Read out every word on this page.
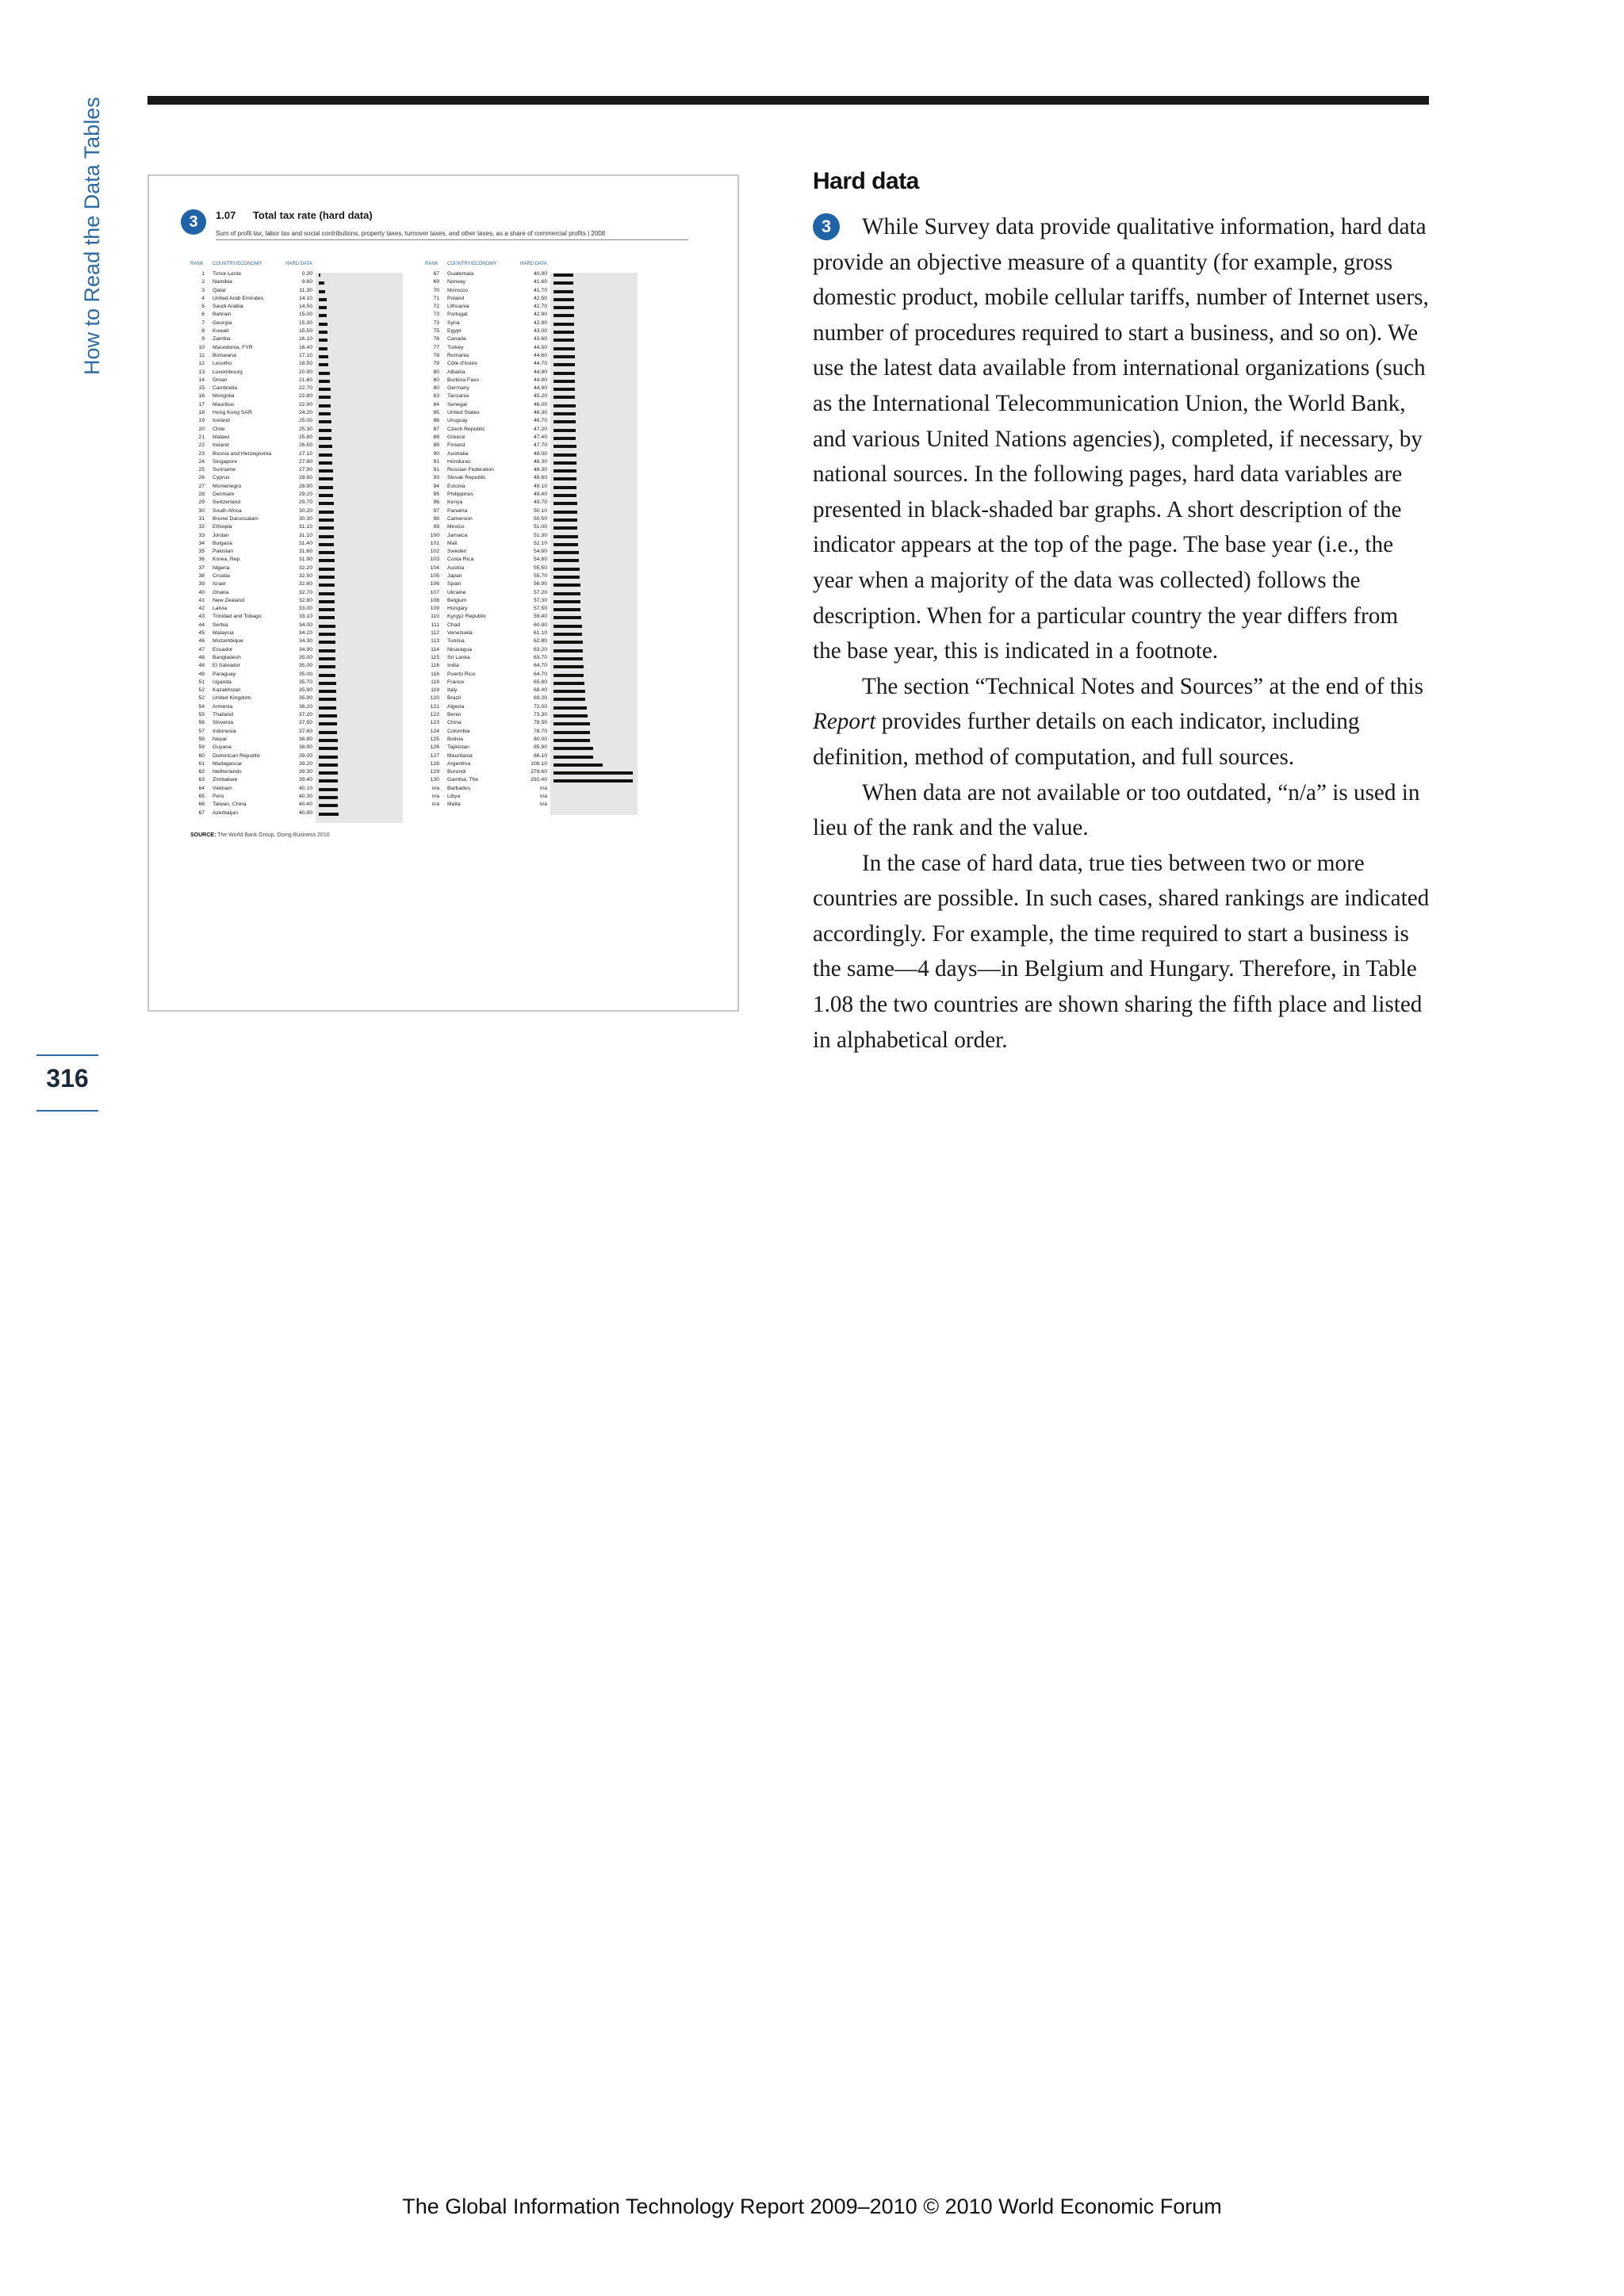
How to Read the Data Tables
316
3	1.07 Total tax rate (hard data)
Sum of profit tax, labor tax and social contributions, property taxes, turnover taxes, and other taxes, as a share of commercial profits | 2008
RANK COUNTRY/ECONOMY	HARD DATA
1 Timor-Leste	0.20
2 Namibia	9.60
3 Qatar	11.30
4 United Arab Emirates	14.10
5 Saudi Arabia	14.50
6 Bahrain	15.00
7 Georgia	15.30
8 Kuwait	15.50
9 Zambia	16.10
10 Macedonia, FYR	16.40
11 Botswana	17.10
12 Lesotho	18.50
13 Luxembourg	20.90
14 Oman	21.60
15 Cambodia	22.70
16 Mongolia	22.80
17 Mauritius	22.90
18 Hong Kong SAR	24.20
19 Iceland	25.00
20 Chile	25.30
21 Malawi	25.80
22 Ireland	26.50
23 Bosnia and Herzegovina	27.10
24 Singapore	27.80
25 Suriname	27.90
26 Cyprus	28.80
27 Montenegro	28.90
28 Denmark	29.20
29 Switzerland	29.70
30 South Africa	30.20
31 Brunei Darussalam	30.30
32 Ethiopia	31.10
33 Jordan	31.10
34 Bulgaria	31.40
35 Pakistan	31.60
36 Korea, Rep.	31.90
37 Nigeria	32.20
38 Croatia	32.50
39 Israel	32.60
40 Ghana	32.70
41 New Zealand	32.80
42 Latvia	33.00
43 Trinidad and Tobago	33.10
44 Serbia	34.00
45 Malaysia	34.20
46 Mozambique	34.30
47 Ecuador	34.90
48 Bangladesh	35.00
48 El Salvador	35.00
48 Paraguay	35.00
51 Uganda	35.70
52 Kazakhstan	35.90
52 United Kingdom	35.90
54 Armenia	36.20
55 Thailand	37.20
56 Slovenia	37.50
57 Indonesia	37.60
58 Nepal	38.80
59 Guyana	38.90
60 Dominican Republic	39.00
61 Madagascar	39.20
62 Netherlands	39.30
63 Zimbabwe	39.40
64 Vietnam	40.10
65 Peru	40.30
66 Taiwan, China	40.40
67 Azerbaijan	40.90
RANK COUNTRY/ECONOMY	HARD DATA
67 Guatemala	40.90
69 Norway	41.60
70 Morocco	41.70
71 Poland	42.50
72 Lithuania	42.70
73 Portugal	42.90
73 Syria	42.90
75 Egypt	43.00
76 Canada	43.60
77 Turkey	44.50
78 Romania	44.60
79 Côte d'Ivoire	44.70
80 Albania	44.90
80 Burkina Faso	44.90
80 Germany	44.90
83 Tanzania	45.20
84 Senegal	46.00
85 United States	46.30
86 Uruguay	46.70
87 Czech Republic	47.20
88 Greece	47.40
89 Finland	47.70
90 Australia	48.00
91 Honduras	48.30
91 Russian Federation	48.30
93 Slovak Republic	48.60
94 Estonia	49.10
95 Philippines	49.40
96 Kenya	49.70
97 Panama	50.10
98 Cameroon	50.50
99 Mexico	51.00
100 Jamaica	51.30
101 Mali	52.10
102 Sweden	54.60
103 Costa Rica	54.80
104 Austria	55.50
105 Japan	55.70
106 Spain	56.90
107 Ukraine	57.20
108 Belgium	57.30
109 Hungary	57.50
110 Kyrgyz Republic	59.40
111 Chad	60.90
112 Venezuela	61.10
113 Tunisia	62.80
114 Nicaragua	63.20
115 Sri Lanka	63.70
116 India	64.70
116 Puerto Rico	64.70
118 France	65.80
119 Italy	68.40
120 Brazil	69.20
121 Algeria	72.00
122 Benin	73.30
123 China	78.50
124 Colombia	78.70
125 Bolivia	80.00
126 Tajikistan	85.90
127 Mauritania	86.10
128 Argentina	108.10
129 Burundi	278.60
130 Gambia, The	292.40
n/a Barbados	n/a
n/a Libya	n/a
n/a Malta	n/a
SOURCE: The World Bank Group, Doing Business 2010
Hard data

3 While Survey data provide qualitative information, hard data provide an objective measure of a quantity (for example, gross domestic product, mobile cellular tariffs, number of Internet users, number of procedures required to start a business, and so on). We use the latest data available from international organizations (such as the International Telecommunication Union, the World Bank, and various United Nations agencies), completed, if necessary, by national sources. In the following pages, hard data variables are presented in black-shaded bar graphs. A short description of the indicator appears at the top of the page. The base year (i.e., the year when a majority of the data was collected) follows the description. When for a particular country the year differs from the base year, this is indicated in a footnote.

The section “Technical Notes and Sources” at the end of this Report provides further details on each indicator, including definition, method of computation, and full sources.

When data are not available or too outdated, “n/a” is used in lieu of the rank and the value.

In the case of hard data, true ties between two or more countries are possible. In such cases, shared rankings are indicated accordingly. For example, the time required to start a business is the same—4 days—in Belgium and Hungary. Therefore, in Table 1.08 the two countries are shown sharing the fifth place and listed in alphabetical order.

The Global Information Technology Report 2009–2010 © 2010 World Economic Forum
